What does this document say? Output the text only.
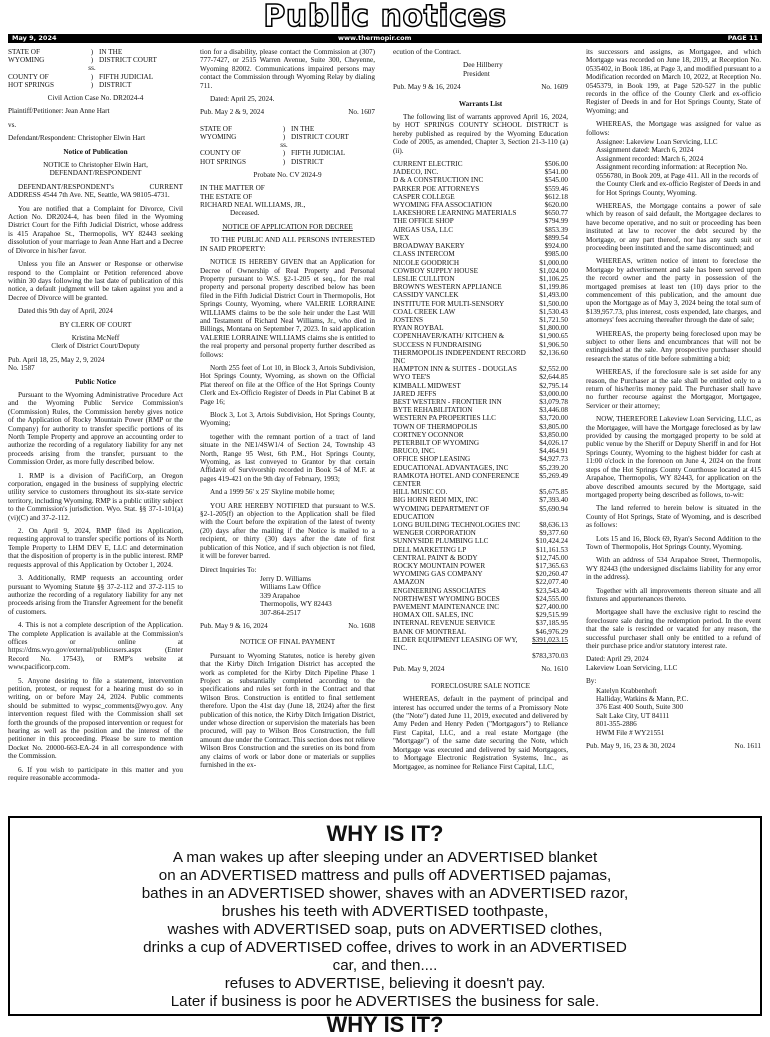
Public notices
May 9, 2024	www.thermopir.com	PAGE 11
STATE OF	)	IN THE
WYOMING	)	DISTRICT COURT
	ss.	
COUNTY OF	)	FIFTH JUDICIAL
HOT SPRINGS	)	DISTRICT

Civil Action Case No. DR2024-4

Plaintiff/Petitioner: Jean Anne Hart

vs.

Defendant/Respondent: Christopher Elwin Hart

Notice of Publication

NOTICE to Christopher Elwin Hart, DEFENDANT/RESPONDENT

DEFENDANT/RESPONDENT's CURRENT ADDRESS 4544 7th Ave. NE, Seattle, WA 98105-4731.

You are notified that a Complaint for Divorce, Civil Action No. DR2024-4, has been filed in the Wyoming District Court for the Fifth Judicial District, whose address is 415 Arapahoe St., Thermopolis, WY 82443 seeking dissolution of your marriage to Jean Anne Hart and a Decree of Divorce in his/her favor.

Unless you file an Answer or Response or otherwise respond to the Complaint or Petition referenced above within 30 days following the last date of publication of this notice, a default judgment will be taken against you and a Decree of Divorce will be granted.

Dated this 9th day of April, 2024

BY CLERK OF COURT

Kristina McNeff

Clerk of District Court/Deputy

Pub. April 18, 25, May 2, 9, 2024

No. 1587

Public Notice

Pursuant to the Wyoming Administrative Procedure Act and the Wyoming Public Service Commission's (Commission) Rules, the Commission hereby gives notice of the Application of Rocky Mountain Power (RMP or the Company) for authority to transfer specific portions of its North Temple Property and approve an accounting order to authorize the recording of a regulatory liability for any net proceeds arising from the transfer, pursuant to the Commission Order, as more fully described below.

1. RMP is a division of PacifiCorp, an Oregon corporation, engaged in the business of supplying electric utility service to customers throughout its six-state service territory, including Wyoming. RMP is a public utility subject to the Commission's jurisdiction. Wyo. Stat. §§ 37-1-101(a)(vi)(C) and 37-2-112.

2. On April 9, 2024, RMP filed its Application, requesting approval to transfer specific portions of its North Temple Property to LHM DEV E, LLC and determination that the disposition of property is in the public interest. RMP requests approval of this Application by October 1, 2024.

3. Additionally, RMP requests an accounting order pursuant to Wyoming Statute §§ 37-2-112 and 37-2-115 to authorize the recording of a regulatory liability for any net proceeds arising from the Transfer Agreement for the benefit of customers.

4. This is not a complete description of the Application. The complete Application is available at the Commission's offices or online at https://dms.wyo.gov/external/publicusers.aspx (Enter Record No. 17543), or RMP's website at www.pacificorp.com.

5. Anyone desiring to file a statement, intervention petition, protest, or request for a hearing must do so in writing, on or before May 24, 2024. Public comments should be submitted to wypsc_comments@wyo.gov. Any intervention request filed with the Commission shall set forth the grounds of the proposed intervention or request for hearing as well as the position and the interest of the petitioner in this proceeding. Please be sure to mention Docket No. 20000-663-EA-24 in all correspondence with the Commission.

6. If you wish to participate in this matter and you require reasonable accommoda-

tion for a disability, please contact the Commission at (307) 777-7427, or 2515 Warren Avenue, Suite 300, Cheyenne, Wyoming 82002. Communications impaired persons may contact the Commission through Wyoming Relay by dialing 711.

Dated: April 25, 2024.

Pub. May 2 & 9, 2024	No. 1607

STATE OF	)	IN THE
WYOMING	)	DISTRICT COURT
	ss.	
COUNTY OF	)	FIFTH JUDICIAL
HOT SPRINGS	)	DISTRICT

Probate No. CV 2024-9

IN THE MATTER OF

THE ESTATE OF

RICHARD NEAL WILLIAMS, JR.,

Deceased.

NOTICE OF APPLICATION FOR DECREE

TO THE PUBLIC AND ALL PERSONS INTERESTED IN SAID PROPERTY:

NOTICE IS HEREBY GIVEN that an Application for Decree of Ownership of Real Property and Personal Property pursuant to W.S. §2-1-205 et seq., for the real property and personal property described below has been filed in the Fifth Judicial District Court in Thermopolis, Hot Springs County, Wyoming, where VALERIE LORRAINE WILLIAMS claims to be the sole heir under the Last Will and Testament of Richard Neal Williams, Jr., who died in Billings, Montana on September 7, 2023. In said application VALERIE LORRAINE WILLIAMS claims she is entitled to the real property and personal property further described as follows:

North 255 feet of Lot 10, in Block 3, Artois Subdivision, Hot Springs County, Wyoming, as shown on the Official Plat thereof on file at the Office of the Hot Springs County Clerk and Ex-Officio Register of Deeds in Plat Cabinet B at Page 16;

Block 3, Lot 3, Artois Subdivision, Hot Springs County, Wyoming;

together with the remnant portion of a tract of land situate in the NE1/4SW1/4 of Section 24, Township 43 North, Range 95 West, 6th P.M., Hot Springs County, Wyoming, as last conveyed to Grantor by that certain Affidavit of Survivorship recorded in Book 54 of M.F. at pages 419-421 on the 9th day of February, 1993;

And a 1999 56' x 25' Skyline mobile home;

YOU ARE HEREBY NOTIFIED that pursuant to W.S. §2-1-205(f) an objection to the Application shall be filed with the Court before the expiration of the latest of twenty (20) days after the mailing if the Notice is mailed to a recipient, or thirty (30) days after the date of first publication of this Notice, and if such objection is not filed, it will be forever barred.

Direct Inquiries To:

Jerry D. Williams
Williams Law Office
339 Arapahoe
Thermopolis, WY 82443
307-864-2517

Pub. May 9 & 16, 2024	No. 1608

NOTICE OF FINAL PAYMENT

Pursuant to Wyoming Statutes, notice is hereby given that the Kirby Ditch Irrigation District has accepted the work as completed for the Kirby Ditch Pipeline Phase 1 Project as substantially completed according to the specifications and rules set forth in the Contract and that Wilson Bros. Construction is entitled to final settlement therefore. Upon the 41st day (June 18, 2024) after the first publication of this notice, the Kirby Ditch Irrigation District, under whose direction or supervision the materials has been procured, will pay to Wilson Bros Construction, the full amount due under the Contract. This section does not relieve Wilson Bros Construction and the sureties on its bond from any claims of work or labor done or materials or supplies furnished in the ex-

ecution of the Contract.

Dee Hillberry

President

Pub. May 9 & 16, 2024	No. 1609

Warrants List

The following list of warrants approved April 16, 2024, by HOT SPRINGS COUNTY SCHOOL DISTRICT is hereby published as required by the Wyoming Education Code of 2005, as amended, Chapter 3, Section 21-3-110 (a)(ii).

CURRENT ELECTRIC	$506.00
JADECO, INC.	$541.00
D & A CONSTRUCTION INC	$545.00
PARKER POE ATTORNEYS	$559.46
CASPER COLLEGE	$612.18
WYOMING FFA ASSOCIATION	$620.00
LAKESHORE LEARNING MATERIALS	$650.77
THE OFFICE SHOP	$794.99
AIRGAS USA, LLC	$853.39
WEX	$899.54
BROADWAY BAKERY	$924.00
CLASS INTERCOM	$985.00
NICOLE GOODRICH	$1,000.00
COWBOY SUPPLY HOUSE	$1,024.00
LESLIE CULLITON	$1,106.25
BROWN'S WESTERN APPLIANCE	$1,199.86
CASSIDY VANCLEK	$1,493.00
INSTITUTE FOR MULTI-SENSORY	$1,500.00
COAL CREEK LAW	$1,530.43
JOSTENS	$1,721.50
RYAN ROYBAL	$1,800.00
COPENHAVER/KATH/ KITCHEN &	$1,900.65
SUCCESS N FUNDRAISING	$1,906.50
THERMOPOLIS INDEPENDENT RECORD INC	$2,136.60
HAMPTON INN & SUITES - DOUGLAS	$2,552.00
WYO TEE'S	$2,644.85
KIMBALL MIDWEST	$2,795.14
JARED JEFFS	$3,000.00
BEST WESTERN - FRONTIER INN	$3,079.78
BYTE REHABILITATION	$3,446.08
WESTERN PA PROPERTIES LLC	$3,720.00
TOWN OF THERMOPOLIS	$3,805.00
CORTNEY OCONNOR	$3,850.00
PETERBILT OF WYOMING	$4,026.17
BRUCO, INC.	$4,464.91
OFFICE SHOP LEASING	$4,927.73
EDUCATIONAL ADVANTAGES, INC	$5,239.20
RAMKOTA HOTEL AND CONFERENCE CENTER	$5,269.49
HILL MUSIC CO.	$5,675.85
BIG HORN REDI MIX, INC	$7,393.40
WYOMING DEPARTMENT OF EDUCATION	$5,690.94
LONG BUILDING TECHNOLOGIES INC	$8,636.13
WENGER CORPORATION	$9,377.60
SUNNYSIDE PLUMBING LLC	$10,424.24
DELL MARKETING LP	$11,161.53
CENTRAL PAINT & BODY	$12,745.00
ROCKY MOUNTAIN POWER	$17,365.63
WYOMING GAS COMPANY	$20,260.47
AMAZON	$22,077.40
ENGINEERING ASSOCIATES	$23,543.40
NORTHWEST WYOMING BOCES	$24,555.00
PAVEMENT MAINTENANCE INC	$27,400.00
HOMAX OIL SALES, INC	$29,515.99
INTERNAL REVENUE SERVICE	$37,185.95
BANK OF MONTREAL	$46,976.29
ELDER EQUIPMENT LEASING OF WY, INC.	$391,023.15
	$783,370.03

Pub. May 9, 2024	No. 1610

FORECLOSURE SALE NOTICE

WHEREAS, default in the payment of principal and interest has occurred under the terms of a Promissory Note (the "Note") dated June 11, 2019, executed and delivered by Amy Peden and Henry Peden ("Mortgagors") to Reliance First Capital, LLC, and a real estate Mortgage (the "Mortgage") of the same date securing the Note, which Mortgage was executed and delivered by said Mortgagors, to Mortgage Electronic Registration Systems, Inc., as Mortgagee, as nominee for Reliance First Capital, LLC,

its successors and assigns, as Mortgagee, and which Mortgage was recorded on June 18, 2019, at Reception No. 0535402, in Book 186, at Page 3, and modified pursuant to a Modification recorded on March 10, 2022, at Reception No. 0545379, in Book 199, at Page 520-527 in the public records in the office of the County Clerk and ex-officio Register of Deeds in and for Hot Springs County, State of Wyoming; and

WHEREAS, the Mortgage was assigned for value as follows:

Assignee: Lakeview Loan Servicing, LLC
Assignment dated: March 6, 2024
Assignment recorded: March 6, 2024
Assignment recording information: at Reception No. 0556780, in Book 209, at Page 411. All in the records of the County Clerk and ex-officio Register of Deeds in and for Hot Springs County, Wyoming.

WHEREAS, the Mortgage contains a power of sale which by reason of said default, the Mortgagee declares to have become operative, and no suit or proceeding has been instituted at law to recover the debt secured by the Mortgage, or any part thereof, nor has any such suit or proceeding been instituted and the same discontinued; and

WHEREAS, written notice of intent to foreclose the Mortgage by advertisement and sale has been served upon the record owner and the party in possession of the mortgaged premises at least ten (10) days prior to the commencement of this publication, and the amount due upon the Mortgage as of May 3, 2024 being the total sum of $139,957.73, plus interest, costs expended, late charges, and attorneys' fees accruing thereafter through the date of sale;

WHEREAS, the property being foreclosed upon may be subject to other liens and encumbrances that will not be extinguished at the sale. Any prospective purchaser should research the status of title before submitting a bid;

WHEREAS, if the foreclosure sale is set aside for any reason, the Purchaser at the sale shall be entitled only to a return of his/her/its money paid. The Purchaser shall have no further recourse against the Mortgagor, Mortgagee, Servicer or their attorney;

NOW, THEREFORE Lakeview Loan Servicing, LLC, as the Mortgagee, will have the Mortgage foreclosed as by law provided by causing the mortgaged property to be sold at public venue by the Sheriff or Deputy Sheriff in and for Hot Springs County, Wyoming to the highest bidder for cash at 11:00 o'clock in the forenoon on June 4, 2024 on the front steps of the Hot Springs County Courthouse located at 415 Arapahoe, Thermopolis, WY 82443, for application on the above described amounts secured by the Mortgage, said mortgaged property being described as follows, to-wit:

The land referred to herein below is situated in the County of Hot Springs, State of Wyoming, and is described as follows:

Lots 15 and 16, Block 69, Ryan's Second Addition to the Town of Thermopolis, Hot Springs County, Wyoming.

With an address of 534 Arapahoe Street, Thermopolis, WY 82443 (the undersigned disclaims liability for any error in the address).

Together with all improvements thereon situate and all fixtures and appurtenances thereto.

Mortgagee shall have the exclusive right to rescind the foreclosure sale during the redemption period. In the event that the sale is rescinded or vacated for any reason, the successful purchaser shall only be entitled to a refund of their purchase price and/or statutory interest rate.

Dated: April 29, 2024

Lakeview Loan Servicing, LLC

By:

Katelyn Krabbenhoft
Halliday, Watkins & Mann, P.C.
376 East 400 South, Suite 300
Salt Lake City, UT 84111
801-355-2886
HWM File # WY21551

Pub. May 9, 16, 23 & 30, 2024	No. 1611

WHY IS IT?
A man wakes up after sleeping under an ADVERTISED blanket
on an ADVERTISED mattress and pulls off ADVERTISED pajamas,
bathes in an ADVERTISED shower, shaves with an ADVERTISED razor,
brushes his teeth with ADVERTISED toothpaste,
washes with ADVERTISED soap, puts on ADVERTISED clothes,
drinks a cup of ADVERTISED coffee, drives to work in an ADVERTISED
car, and then....
refuses to ADVERTISE, believing it doesn't pay.
Later if business is poor he ADVERTISES the business for sale.
WHY IS IT?
